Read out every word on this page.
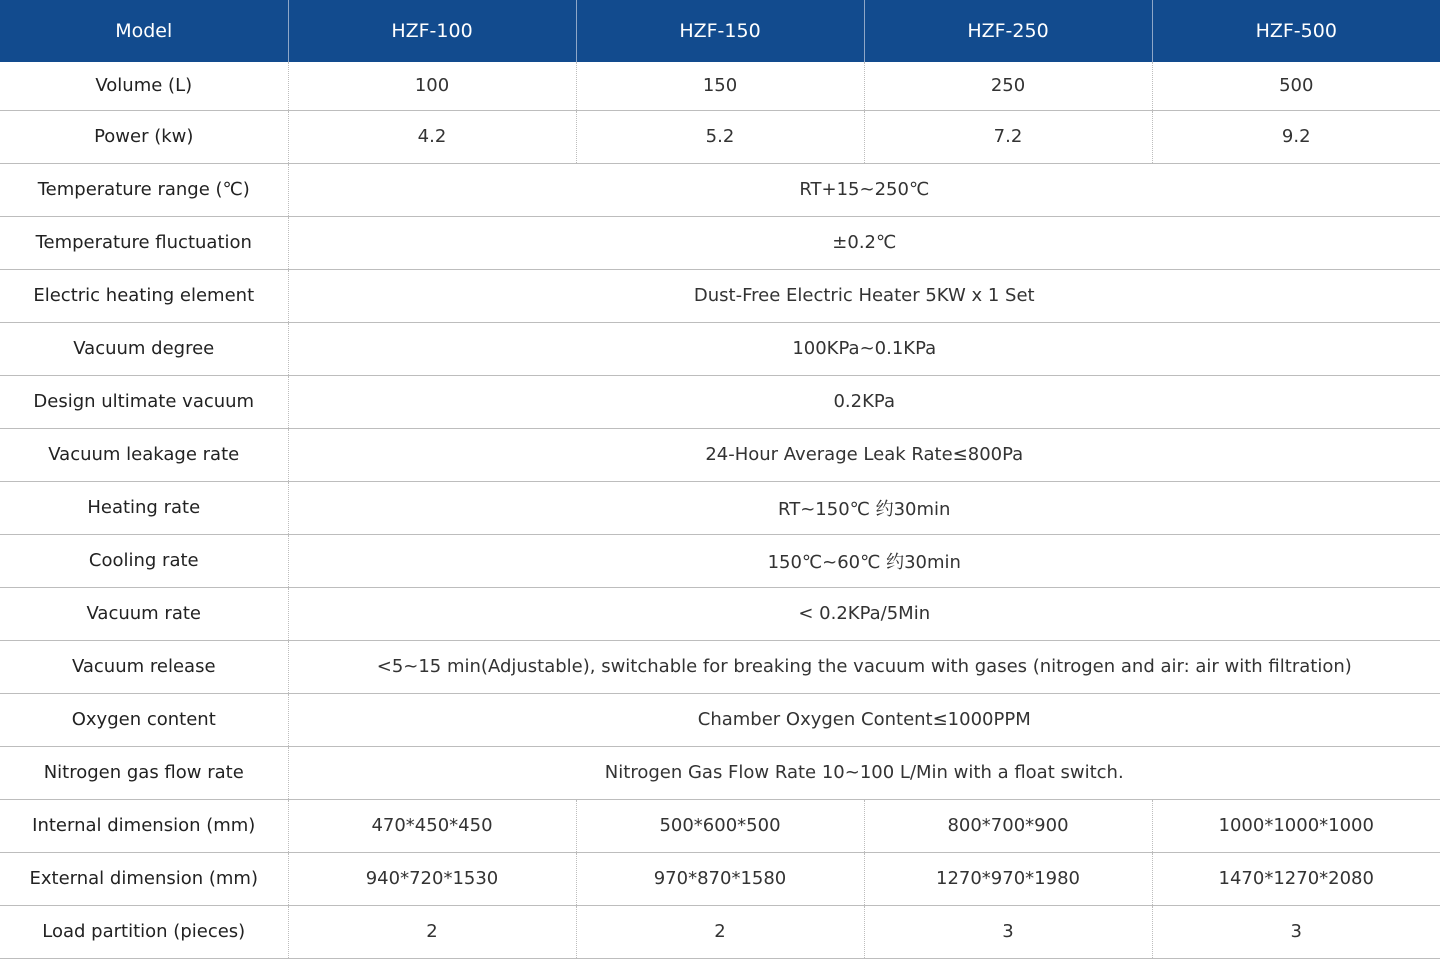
Model	HZF-100	HZF-150	HZF-250	HZF-500
Volume (L)	100	150	250	500
Power (kw)	4.2	5.2	7.2	9.2
Temperature range (℃)	RT+15~250℃			
Temperature fluctuation	±0.2℃			
Electric heating element	Dust-Free Electric Heater 5KW x 1 Set			
Vacuum degree	100KPa~0.1KPa			
Design ultimate vacuum	0.2KPa			
Vacuum leakage rate	24-Hour Average Leak Rate≤800Pa			
Heating rate	RT~150℃ 约30min			
Cooling rate	150℃~60℃ 约30min			
Vacuum rate	< 0.2KPa/5Min			
Vacuum release	<5~15 min(Adjustable), switchable for breaking the vacuum with gases (nitrogen and air: air with filtration)			
Oxygen content	Chamber Oxygen Content≤1000PPM			
Nitrogen gas flow rate	Nitrogen Gas Flow Rate 10~100 L/Min with a float switch.			
Internal dimension (mm)	470*450*450	500*600*500	800*700*900	1000*1000*1000
External dimension (mm)	940*720*1530	970*870*1580	1270*970*1980	1470*1270*2080
Load partition (pieces)	2	2	3	3
